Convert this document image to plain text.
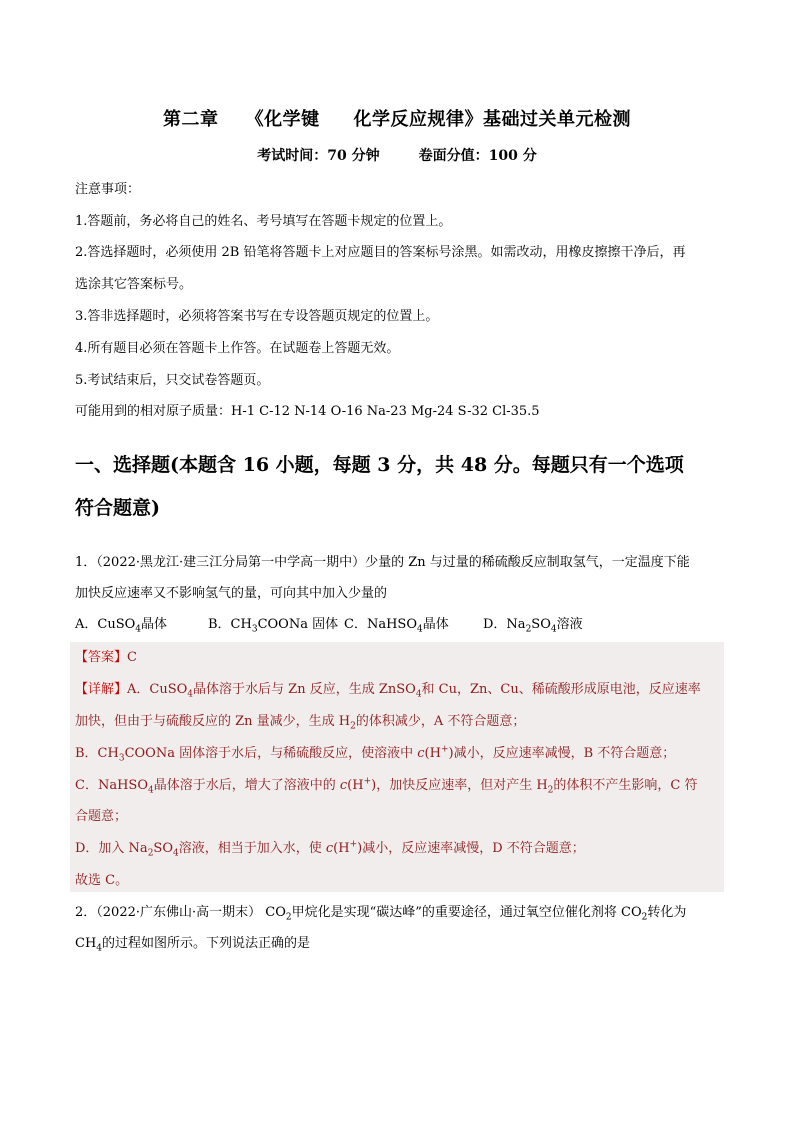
第二章    《化学键     化学反应规律》基础过关单元检测
考试时间：70 分钟        卷面分值：100 分
注意事项：
1.答题前，务必将自己的姓名、考号填写在答题卡规定的位置上。
2.答选择题时，必须使用 2B 铅笔将答题卡上对应题目的答案标号涂黑。如需改动，用橡皮擦擦干净后，再
选涂其它答案标号。
3.答非选择题时，必须将答案书写在专设答题页规定的位置上。
4.所有题目必须在答题卡上作答。在试题卷上答题无效。
5.考试结束后，只交试卷答题页。
可能用到的相对原子质量：H-1 C-12 N-14 O-16 Na-23 Mg-24 S-32 Cl-35.5
一、选择题(本题含 16 小题，每题 3 分，共 48 分。每题只有一个选项
符合题意)
1．（2022·黑龙江·建三江分局第一中学高一期中）少量的 Zn 与过量的稀硫酸反应制取氢气，一定温度下能
加快反应速率又不影响氢气的量，可向其中加入少量的
A．CuSO$_4$晶体	B．$CH_3COONa$ 固体 C．NaHSO$_4$晶体	D．$Na_2SO_4$溶液
【答案】C
【详解】A．CuSO$_4$晶体溶于水后与 Zn 反应，生成 ZnSO$_4$和 Cu，Zn、Cu、稀硫酸形成原电池，反应速率
加快，但由于与硫酸反应的 Zn 量减少，生成 $H_2$的体积减少，A 不符合题意；
B．$CH_3COONa$ 固体溶于水后，与稀硫酸反应，使溶液中 c(H+)减小，反应速率减慢，B 不符合题意；
C．NaHSO$_4$晶体溶于水后，增大了溶液中的 c(H+)，加快反应速率，但对产生 $H_2$的体积不产生影响，C 符
合题意；
D．加入 $Na_2SO_4$溶液，相当于加入水，使 c(H+)减小，反应速率减慢，D 不符合题意；
故选 C。
2．（2022·广东佛山·高一期末） $CO_2$甲烷化是实现“碳达峰”的重要途径，通过氧空位催化剂将 $CO_2$转化为
$CH_4$的过程如图所示。下列说法正确的是
